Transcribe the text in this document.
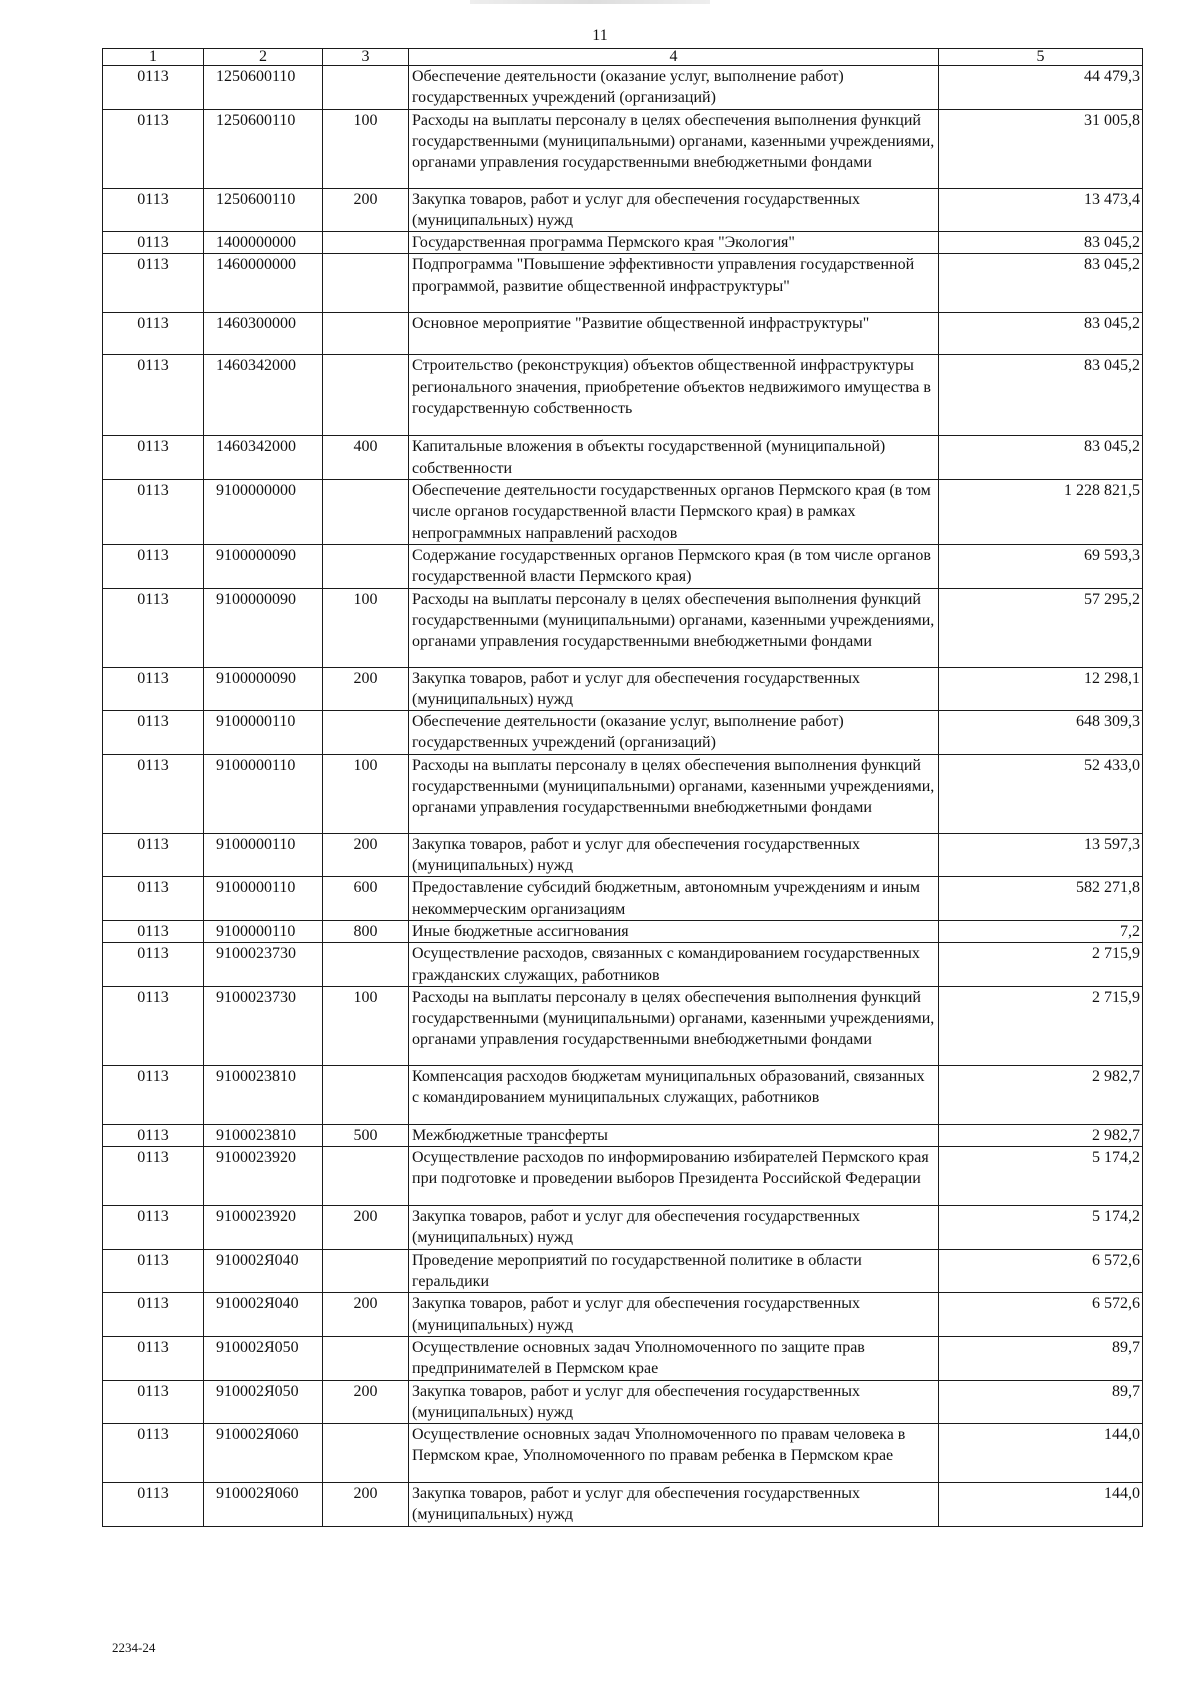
11
1	2	3	4	5
0113	1250600110		Обеспечение деятельности (оказание услуг, выполнение работ) государственных учреждений (организаций)	44 479,3
0113	1250600110	100	Расходы на выплаты персоналу в целях обеспечения выполнения функций государственными (муниципальными) органами, казенными учреждениями, органами управления государственными внебюджетными фондами	31 005,8
0113	1250600110	200	Закупка товаров, работ и услуг для обеспечения государственных (муниципальных) нужд	13 473,4
0113	1400000000		Государственная программа Пермского края "Экология"	83 045,2
0113	1460000000		Подпрограмма "Повышение эффективности управления государственной программой, развитие общественной инфраструктуры"	83 045,2
0113	1460300000		Основное мероприятие "Развитие общественной инфраструктуры"	83 045,2
0113	1460342000		Строительство (реконструкция) объектов общественной инфраструктуры регионального значения, приобретение объектов недвижимого имущества в государственную собственность	83 045,2
0113	1460342000	400	Капитальные вложения в объекты государственной (муниципальной) собственности	83 045,2
0113	9100000000		Обеспечение деятельности государственных органов Пермского края (в том числе органов государственной власти Пермского края) в рамках непрограммных направлений расходов	1 228 821,5
0113	9100000090		Содержание государственных органов Пермского края (в том числе органов государственной власти Пермского края)	69 593,3
0113	9100000090	100	Расходы на выплаты персоналу в целях обеспечения выполнения функций государственными (муниципальными) органами, казенными учреждениями, органами управления государственными внебюджетными фондами	57 295,2
0113	9100000090	200	Закупка товаров, работ и услуг для обеспечения государственных (муниципальных) нужд	12 298,1
0113	9100000110		Обеспечение деятельности (оказание услуг, выполнение работ) государственных учреждений (организаций)	648 309,3
0113	9100000110	100	Расходы на выплаты персоналу в целях обеспечения выполнения функций государственными (муниципальными) органами, казенными учреждениями, органами управления государственными внебюджетными фондами	52 433,0
0113	9100000110	200	Закупка товаров, работ и услуг для обеспечения государственных (муниципальных) нужд	13 597,3
0113	9100000110	600	Предоставление субсидий бюджетным, автономным учреждениям и иным некоммерческим организациям	582 271,8
0113	9100000110	800	Иные бюджетные ассигнования	7,2
0113	9100023730		Осуществление расходов, связанных с командированием государственных гражданских служащих, работников	2 715,9
0113	9100023730	100	Расходы на выплаты персоналу в целях обеспечения выполнения функций государственными (муниципальными) органами, казенными учреждениями, органами управления государственными внебюджетными фондами	2 715,9
0113	9100023810		Компенсация расходов бюджетам муниципальных образований, связанных с командированием муниципальных служащих, работников	2 982,7
0113	9100023810	500	Межбюджетные трансферты	2 982,7
0113	9100023920		Осуществление расходов по информированию избирателей Пермского края при подготовке и проведении выборов Президента Российской Федерации	5 174,2
0113	9100023920	200	Закупка товаров, работ и услуг для обеспечения государственных (муниципальных) нужд	5 174,2
0113	910002Я040		Проведение мероприятий по государственной политике в области геральдики	6 572,6
0113	910002Я040	200	Закупка товаров, работ и услуг для обеспечения государственных (муниципальных) нужд	6 572,6
0113	910002Я050		Осуществление основных задач Уполномоченного по защите прав предпринимателей в Пермском крае	89,7
0113	910002Я050	200	Закупка товаров, работ и услуг для обеспечения государственных (муниципальных) нужд	89,7
0113	910002Я060		Осуществление основных задач Уполномоченного по правам человека в Пермском крае, Уполномоченного по правам ребенка в Пермском крае	144,0
0113	910002Я060	200	Закупка товаров, работ и услуг для обеспечения государственных (муниципальных) нужд	144,0
2234-24
